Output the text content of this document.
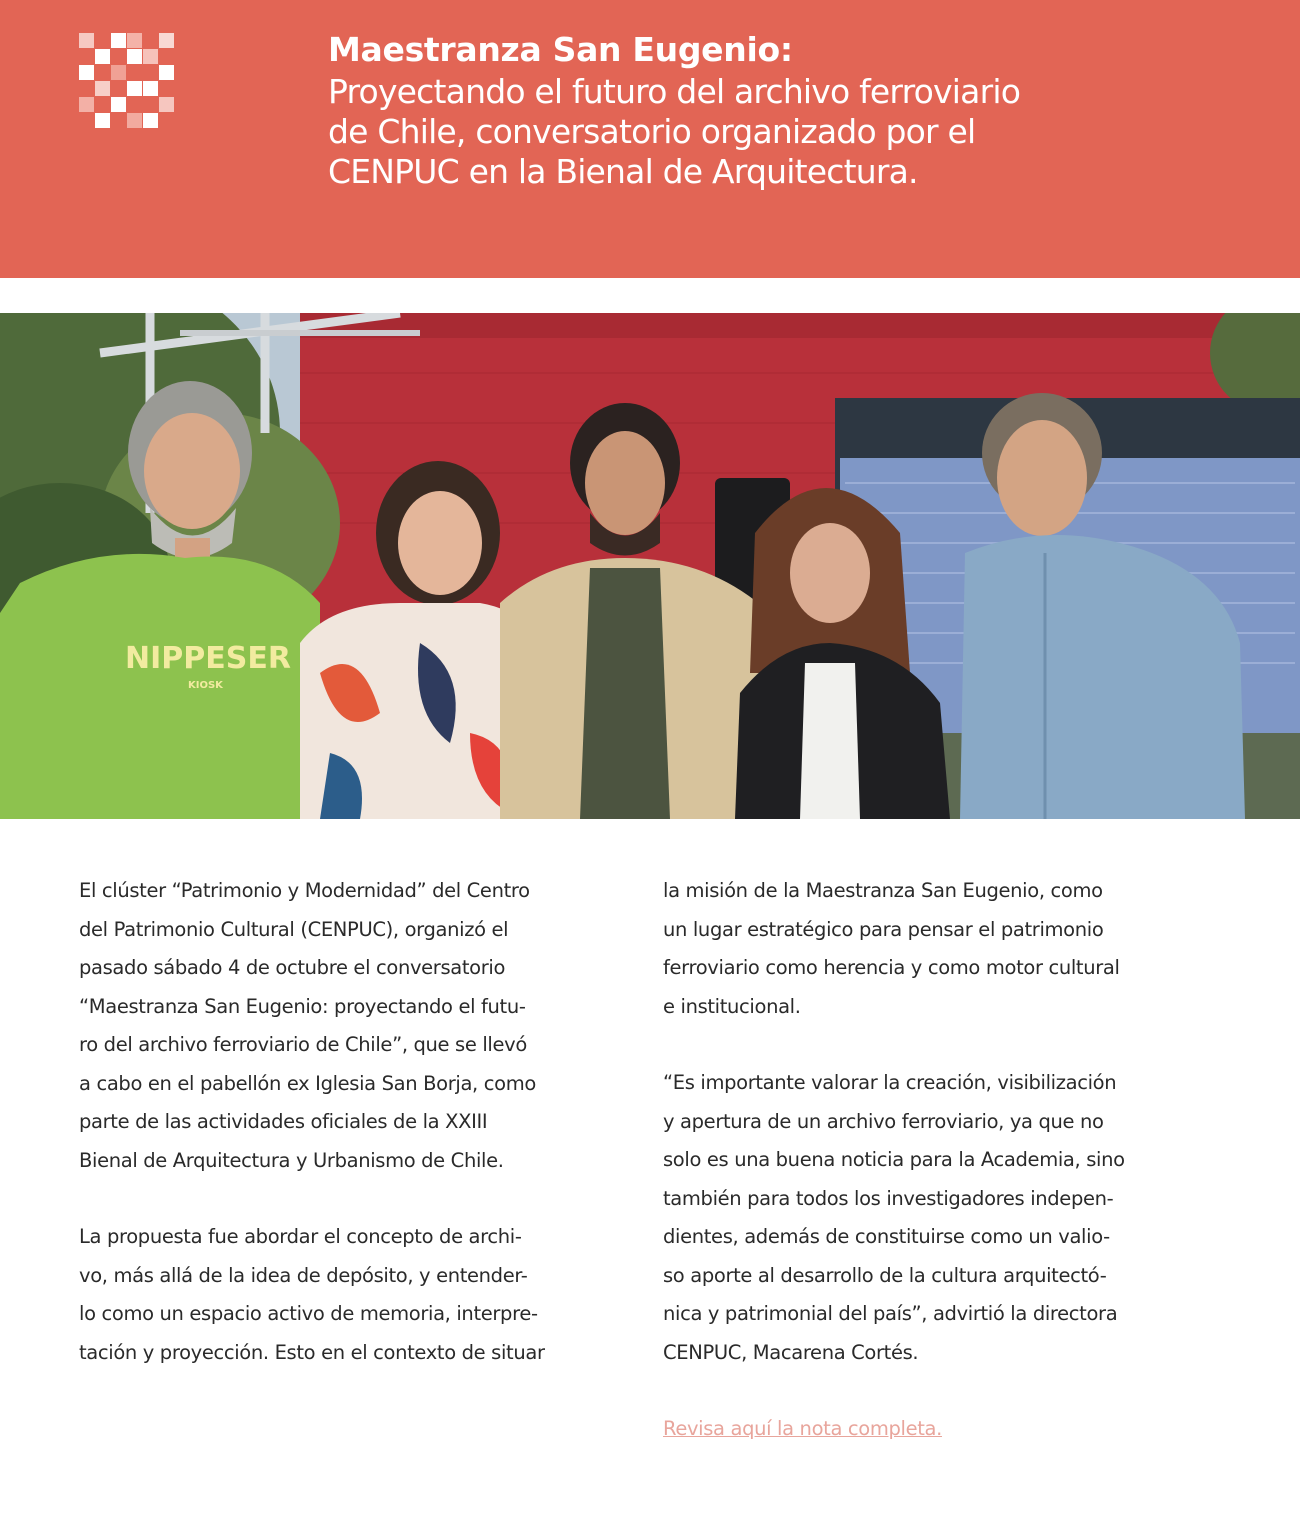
Maestranza San Eugenio:
Proyectando el futuro del archivo ferroviario
de Chile, conversatorio organizado por el
CENPUC en la Bienal de Arquitectura.
NIPPESER
KIOSK

El clúster “Patrimonio y Modernidad” del Centro
del Patrimonio Cultural (CENPUC), organizó el
pasado sábado 4 de octubre el conversatorio
“Maestranza San Eugenio: proyectando el futu-
ro del archivo ferroviario de Chile”, que se llevó
a cabo en el pabellón ex Iglesia San Borja, como
parte de las actividades oficiales de la XXIII
Bienal de Arquitectura y Urbanismo de Chile.

La propuesta fue abordar el concepto de archi-
vo, más allá de la idea de depósito, y entender-
lo como un espacio activo de memoria, interpre-
tación y proyección. Esto en el contexto de situar

la misión de la Maestranza San Eugenio, como
un lugar estratégico para pensar el patrimonio
ferroviario como herencia y como motor cultural
e institucional.

“Es importante valorar la creación, visibilización
y apertura de un archivo ferroviario, ya que no
solo es una buena noticia para la Academia, sino
también para todos los investigadores indepen-
dientes, además de constituirse como un valio-
so aporte al desarrollo de la cultura arquitectó-
nica y patrimonial del país”, advirtió la directora
CENPUC, Macarena Cortés.

Revisa aquí la nota completa.
